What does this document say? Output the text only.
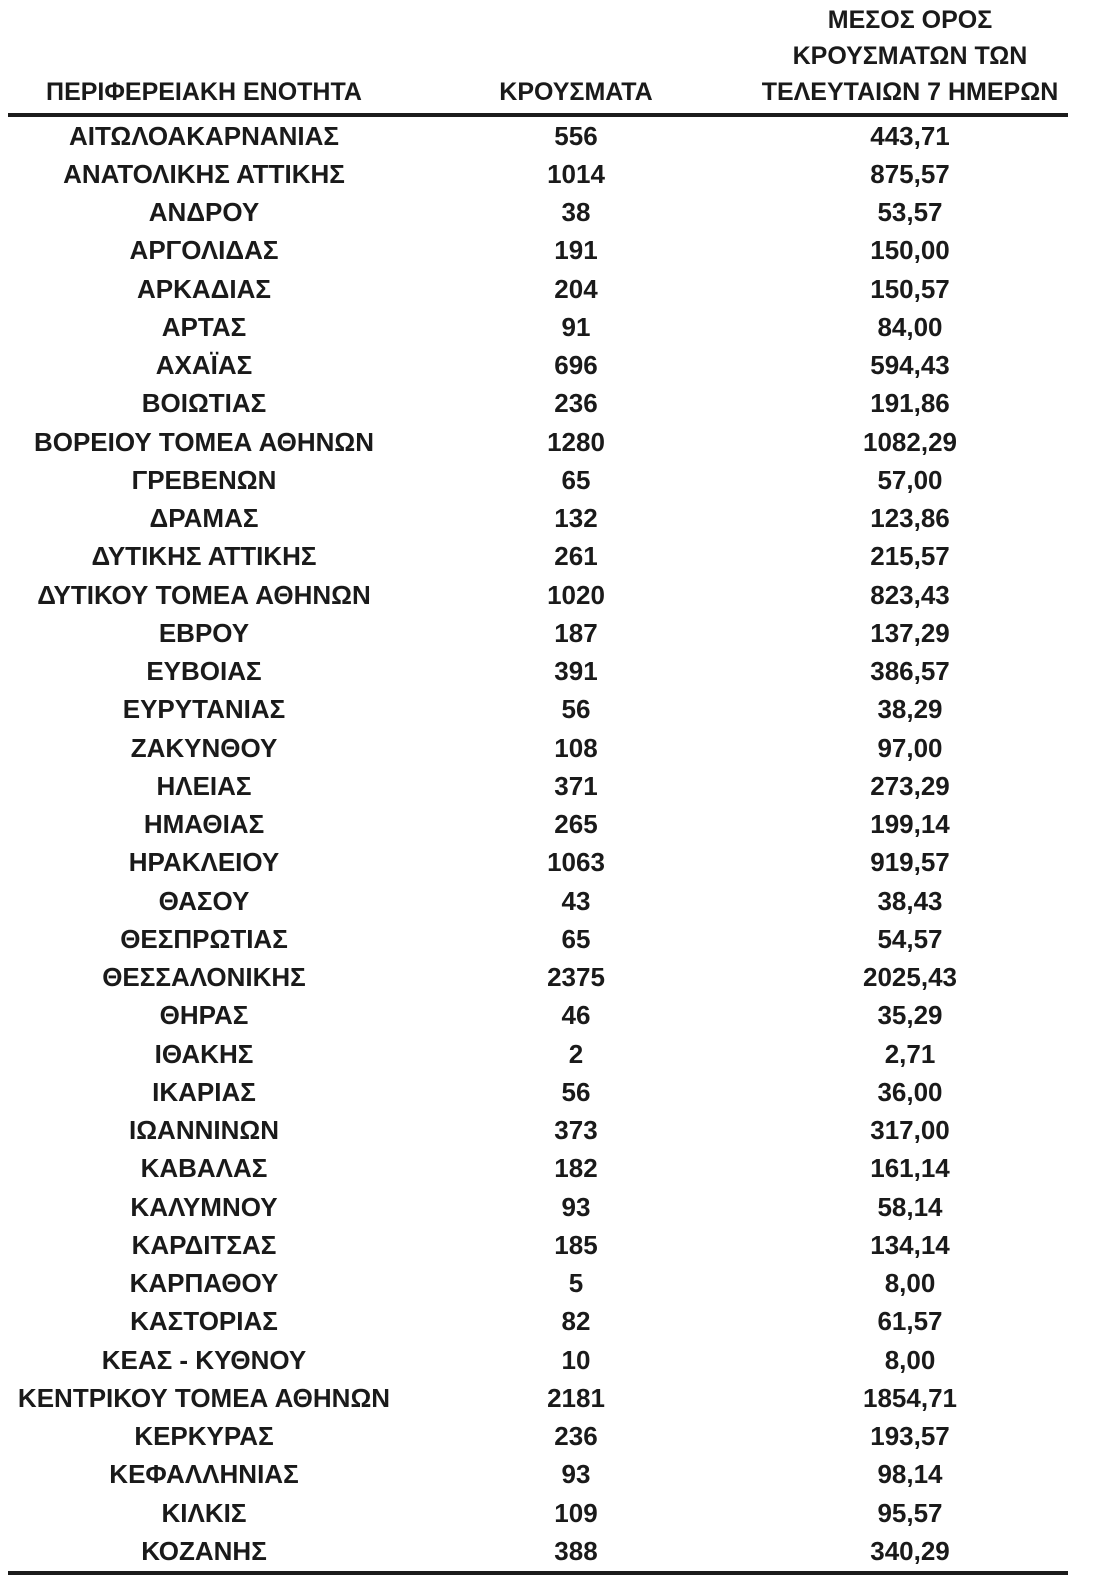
ΠΕΡΙΦΕΡΕΙΑΚΗ ΕΝΟΤΗΤΑ	ΚΡΟΥΣΜΑΤΑ	ΜΕΣΟΣ ΟΡΟΣ
ΚΡΟΥΣΜΑΤΩΝ ΤΩΝ
ΤΕΛΕΥΤΑΙΩΝ 7 ΗΜΕΡΩΝ

ΑΙΤΩΛΟΑΚΑΡΝΑΝΙΑΣ	556	443,71
ΑΝΑΤΟΛΙΚΗΣ ΑΤΤΙΚΗΣ	1014	875,57
ΑΝΔΡΟΥ	38	53,57
ΑΡΓΟΛΙΔΑΣ	191	150,00
ΑΡΚΑΔΙΑΣ	204	150,57
ΑΡΤΑΣ	91	84,00
ΑΧΑΪΑΣ	696	594,43
ΒΟΙΩΤΙΑΣ	236	191,86
ΒΟΡΕΙΟΥ ΤΟΜΕΑ ΑΘΗΝΩΝ	1280	1082,29
ΓΡΕΒΕΝΩΝ	65	57,00
ΔΡΑΜΑΣ	132	123,86
ΔΥΤΙΚΗΣ ΑΤΤΙΚΗΣ	261	215,57
ΔΥΤΙΚΟΥ ΤΟΜΕΑ ΑΘΗΝΩΝ	1020	823,43
ΕΒΡΟΥ	187	137,29
ΕΥΒΟΙΑΣ	391	386,57
ΕΥΡΥΤΑΝΙΑΣ	56	38,29
ΖΑΚΥΝΘΟΥ	108	97,00
ΗΛΕΙΑΣ	371	273,29
ΗΜΑΘΙΑΣ	265	199,14
ΗΡΑΚΛΕΙΟΥ	1063	919,57
ΘΑΣΟΥ	43	38,43
ΘΕΣΠΡΩΤΙΑΣ	65	54,57
ΘΕΣΣΑΛΟΝΙΚΗΣ	2375	2025,43
ΘΗΡΑΣ	46	35,29
ΙΘΑΚΗΣ	2	2,71
ΙΚΑΡΙΑΣ	56	36,00
ΙΩΑΝΝΙΝΩΝ	373	317,00
ΚΑΒΑΛΑΣ	182	161,14
ΚΑΛΥΜΝΟΥ	93	58,14
ΚΑΡΔΙΤΣΑΣ	185	134,14
ΚΑΡΠΑΘΟΥ	5	8,00
ΚΑΣΤΟΡΙΑΣ	82	61,57
ΚΕΑΣ - ΚΥΘΝΟΥ	10	8,00
ΚΕΝΤΡΙΚΟΥ ΤΟΜΕΑ ΑΘΗΝΩΝ	2181	1854,71
ΚΕΡΚΥΡΑΣ	236	193,57
ΚΕΦΑΛΛΗΝΙΑΣ	93	98,14
ΚΙΛΚΙΣ	109	95,57
ΚΟΖΑΝΗΣ	388	340,29
